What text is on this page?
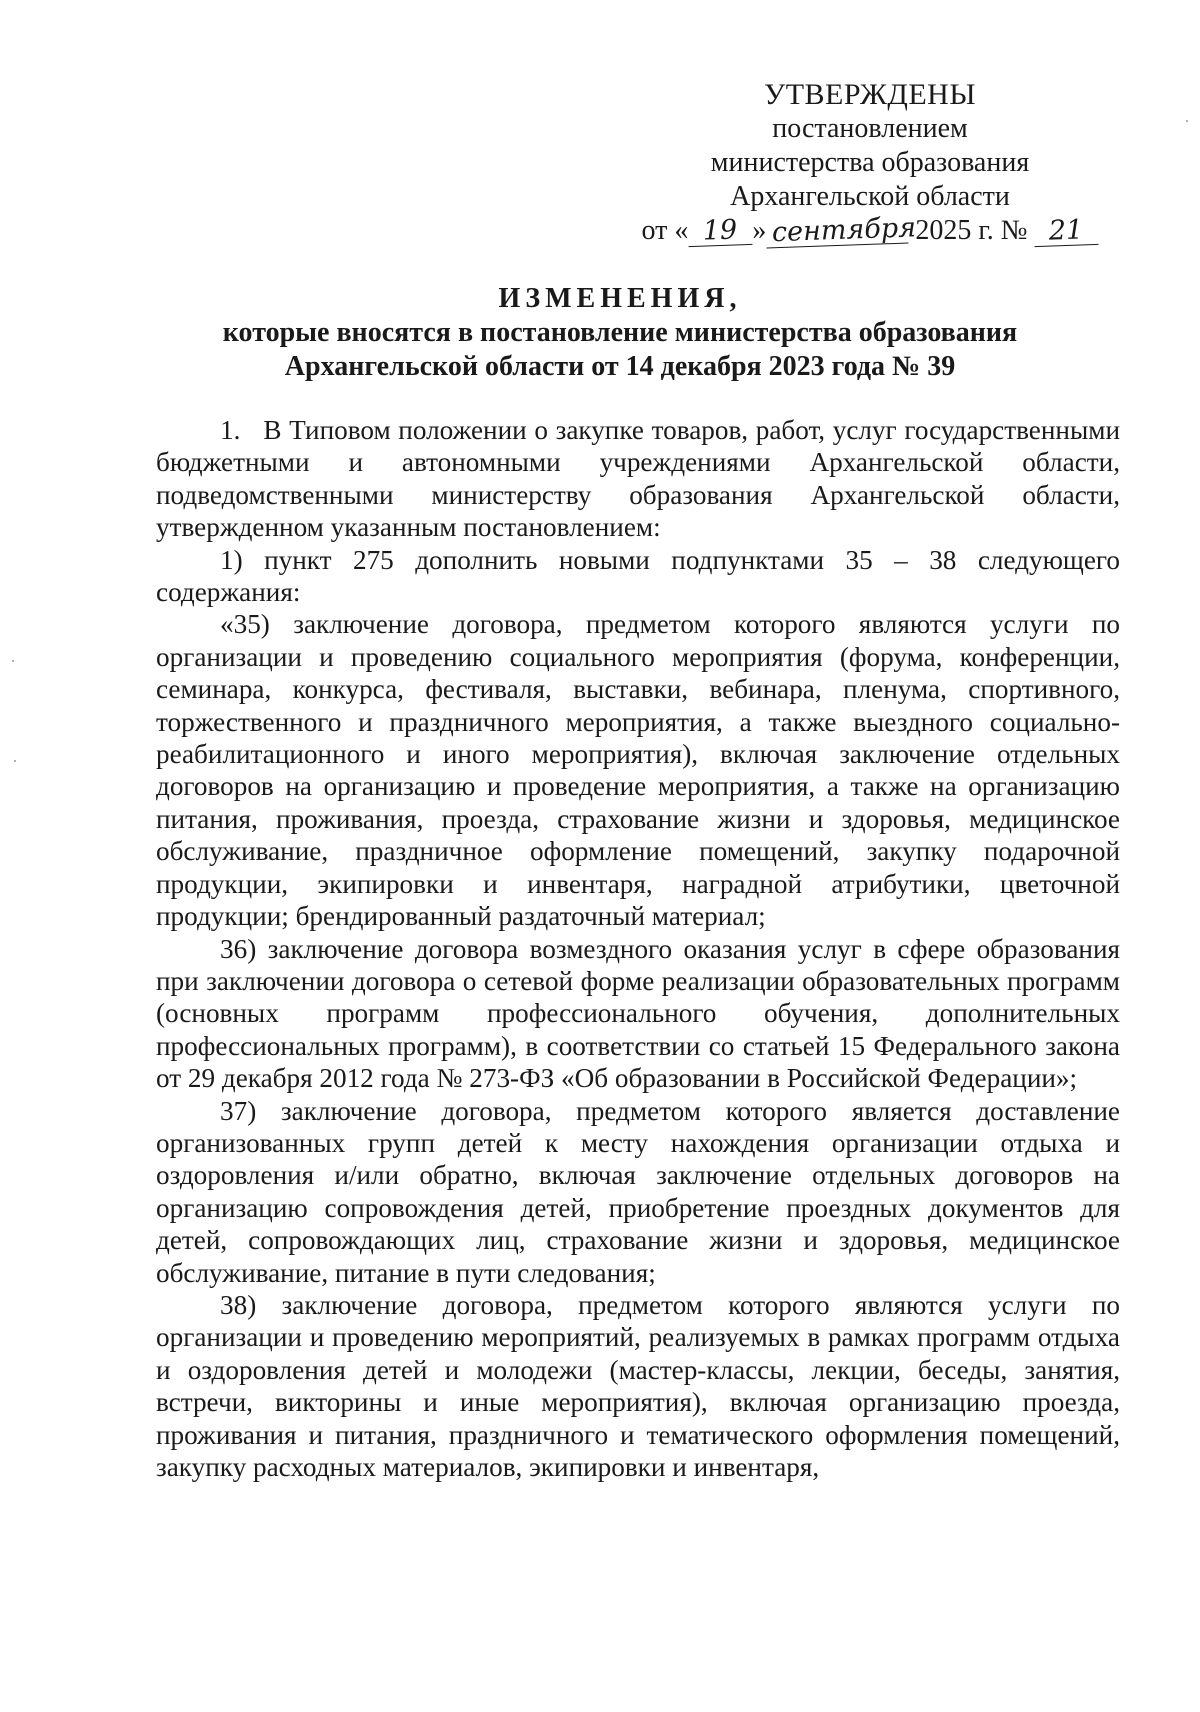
УТВЕРЖДЕНЫ
постановлением
министерства образования
Архангельской области
от « 19 » сентября 2025 г. № 21
ИЗМЕНЕНИЯ,
которые вносятся в постановление министерства образования
Архангельской области от 14 декабря 2023 года № 39

1.   В Типовом положении о закупке товаров, работ, услуг государственными бюджетными и автономными учреждениями Архангельской области, подведомственными министерству образования Архангельской области, утвержденном указанным постановлением:

1) пункт 275 дополнить новыми подпунктами 35 – 38 следующего содержания:

«35) заключение договора, предметом которого являются услуги по организации и проведению социального мероприятия (форума, конференции, семинара, конкурса, фестиваля, выставки, вебинара, пленума, спортивного, торжественного и праздничного мероприятия, а также выездного социально- реабилитационного и иного мероприятия), включая заключение отдельных договоров на организацию и проведение мероприятия, а также на организацию питания, проживания, проезда, страхование жизни и здоровья, медицинское обслуживание, праздничное оформление помещений, закупку подарочной продукции, экипировки и инвентаря, наградной атрибутики, цветочной продукции; брендированный раздаточный материал;

36) заключение договора возмездного оказания услуг в сфере образования при заключении договора о сетевой форме реализации образовательных программ (основных программ профессионального обучения, дополнительных профессиональных программ), в соответствии со статьей 15 Федерального закона от 29 декабря 2012 года № 273-ФЗ «Об образовании в Российской Федерации»;

37) заключение договора, предметом которого является доставление организованных групп детей к месту нахождения организации отдыха и оздоровления и/или обратно, включая заключение отдельных договоров на организацию сопровождения детей, приобретение проездных документов для детей, сопровождающих лиц, страхование жизни и здоровья, медицинское обслуживание, питание в пути следования;

38) заключение договора, предметом которого являются услуги по организации и проведению мероприятий, реализуемых в рамках программ отдыха и оздоровления детей и молодежи (мастер-классы, лекции, беседы, занятия, встречи, викторины и иные мероприятия), включая организацию проезда, проживания и питания, праздничного и тематического оформления помещений, закупку расходных материалов, экипировки и инвентаря,
